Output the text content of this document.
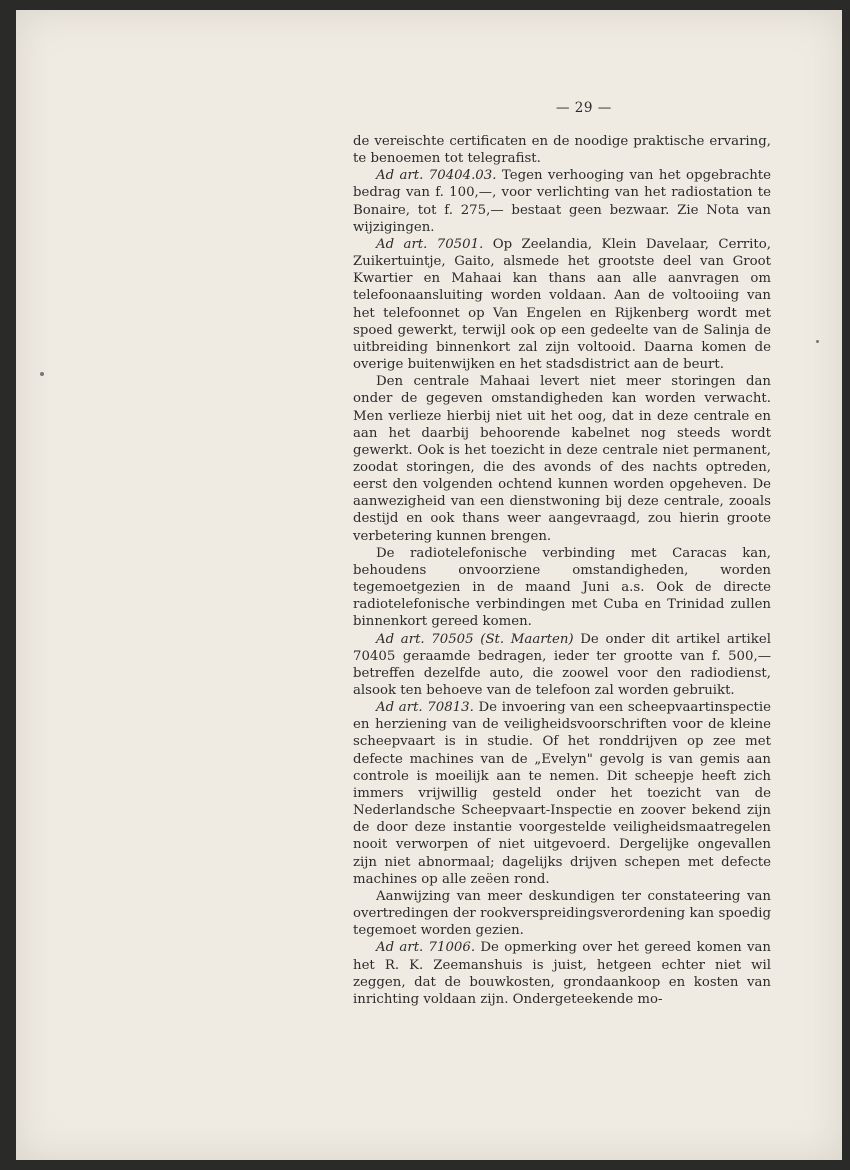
— 29 —

de vereischte certificaten en de noodige praktische ervaring, te benoemen tot telegrafist.

Ad art. 70404.03. Tegen verhooging van het opgebrachte bedrag van f. 100,—, voor verlichting van het radiostation te Bonaire, tot f. 275,— bestaat geen bezwaar. Zie Nota van wijzigingen.

Ad art. 70501. Op Zeelandia, Klein Davelaar, Cerrito, Zuikertuintje, Gaito, alsmede het grootste deel van Groot Kwartier en Mahaai kan thans aan alle aanvragen om telefoonaansluiting worden voldaan. Aan de voltooiing van het telefoonnet op Van Engelen en Rijkenberg wordt met spoed gewerkt, terwijl ook op een gedeelte van de Salinja de uitbreiding binnenkort zal zijn voltooid. Daarna komen de overige buitenwijken en het stadsdistrict aan de beurt.

Den centrale Mahaai levert niet meer storingen dan onder de gegeven omstandigheden kan worden verwacht. Men verlieze hierbij niet uit het oog, dat in deze centrale en aan het daarbij behoorende kabelnet nog steeds wordt gewerkt. Ook is het toezicht in deze centrale niet permanent, zoodat storingen, die des avonds of des nachts optreden, eerst den volgenden ochtend kunnen worden opgeheven. De aanwezigheid van een dienstwoning bij deze centrale, zooals destijd en ook thans weer aangevraagd, zou hierin groote verbetering kunnen brengen.

De radiotelefonische verbinding met Caracas kan, behoudens onvoorziene omstandigheden, worden tegemoetgezien in de maand Juni a.s. Ook de directe radiotelefonische verbindingen met Cuba en Trinidad zullen binnenkort gereed komen.

Ad art. 70505 (St. Maarten) De onder dit artikel artikel 70405 geraamde bedragen, ieder ter grootte van f. 500,— betreffen dezelfde auto, die zoowel voor den radiodienst, alsook ten behoeve van de telefoon zal worden gebruikt.

Ad art. 70813. De invoering van een scheepvaartinspectie en herziening van de veiligheidsvoorschriften voor de kleine scheepvaart is in studie. Of het ronddrijven op zee met defecte machines van de „Evelyn" gevolg is van gemis aan controle is moeilijk aan te nemen. Dit scheepje heeft zich immers vrijwillig gesteld onder het toezicht van de Nederlandsche Scheepvaart-Inspectie en zoover bekend zijn de door deze instantie voorgestelde veiligheidsmaatregelen nooit verworpen of niet uitgevoerd. Dergelijke ongevallen zijn niet abnormaal; dagelijks drijven schepen met defecte machines op alle zeëen rond.

Aanwijzing van meer deskundigen ter constateering van overtredingen der rookverspreidingsverordening kan spoedig tegemoet worden gezien.

Ad art. 71006. De opmerking over het gereed komen van het R. K. Zeemanshuis is juist, hetgeen echter niet wil zeggen, dat de bouwkosten, grondaankoop en kosten van inrichting voldaan zijn. Ondergeteekende mo-
